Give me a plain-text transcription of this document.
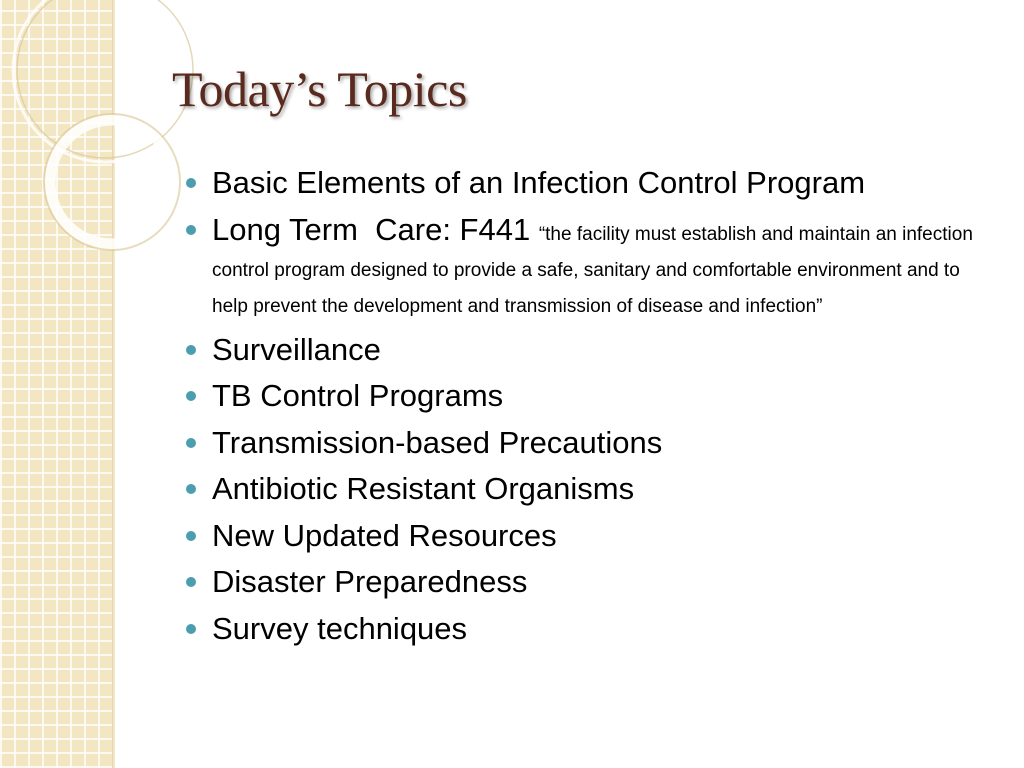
Today’s Topics
Basic Elements of an Infection Control Program
Long Term  Care: F441 “the facility must establish and maintain an infection control program designed to provide a safe, sanitary and comfortable environment and to help prevent the development and transmission of disease and infection”
Surveillance
TB Control Programs
Transmission-based Precautions
Antibiotic Resistant Organisms
New Updated Resources
Disaster Preparedness
Survey techniques
